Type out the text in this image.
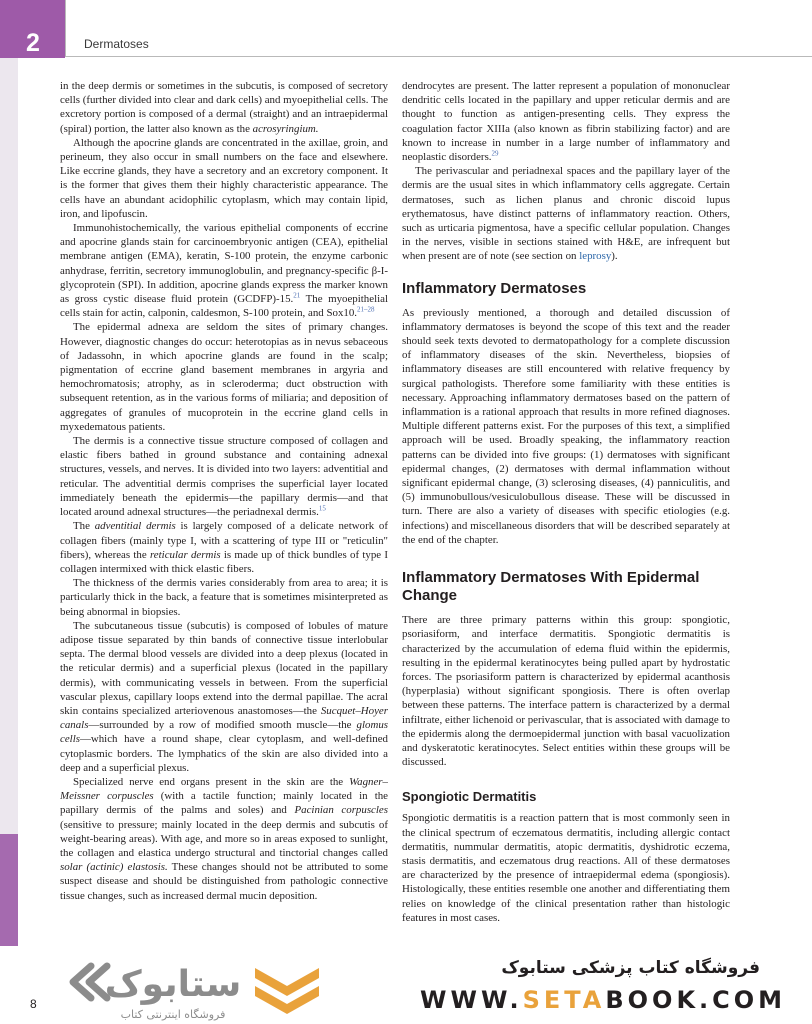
2	Dermatoses

in the deep dermis or sometimes in the subcutis, is composed of secretory cells (further divided into clear and dark cells) and myoepithelial cells. The excretory portion is composed of a dermal (straight) and an intraepidermal (spiral) portion, the latter also known as the acrosyringium.

Although the apocrine glands are concentrated in the axillae, groin, and perineum, they also occur in small numbers on the face and elsewhere. Like eccrine glands, they have a secretory and an excretory component. It is the former that gives them their highly characteristic appearance. The cells have an abundant acidophilic cytoplasm, which may contain lipid, iron, and lipofuscin.

Immunohistochemically, the various epithelial components of eccrine and apocrine glands stain for carcinoembryonic antigen (CEA), epithelial membrane antigen (EMA), keratin, S-100 protein, the enzyme carbonic anhydrase, ferritin, secretory immunoglobulin, and pregnancy-specific β-I-glycoprotein (SPI). In addition, apocrine glands express the marker known as gross cystic disease fluid protein (GCDFP)-15.21 The myoepithelial cells stain for actin, calponin, caldesmon, S-100 protein, and Sox10.$^{21-28}$

The epidermal adnexa are seldom the sites of primary changes. However, diagnostic changes do occur: heterotopias as in nevus sebaceous of Jadassohn, in which apocrine glands are found in the scalp; pigmentation of eccrine gland basement membranes in argyria and hemochromatosis; atrophy, as in scleroderma; duct obstruction with subsequent retention, as in the various forms of miliaria; and deposition of aggregates of granules of mucoprotein in the eccrine gland cells in myxedematous patients.

The dermis is a connective tissue structure composed of collagen and elastic fibers bathed in ground substance and containing adnexal structures, vessels, and nerves. It is divided into two layers: adventitial and reticular. The adventitial dermis comprises the superficial layer located immediately beneath the epidermis—the papillary dermis—and that located around adnexal structures—the periadnexal dermis.$^{15}$

The adventitial dermis is largely composed of a delicate network of collagen fibers (mainly type I, with a scattering of type III or "reticulin" fibers), whereas the reticular dermis is made up of thick bundles of type I collagen intermixed with thick elastic fibers.

The thickness of the dermis varies considerably from area to area; it is particularly thick in the back, a feature that is sometimes misinterpreted as being abnormal in biopsies.

The subcutaneous tissue (subcutis) is composed of lobules of mature adipose tissue separated by thin bands of connective tissue interlobular septa. The dermal blood vessels are divided into a deep plexus (located in the reticular dermis) and a superficial plexus (located in the papillary dermis), with communicating vessels in between. From the superficial vascular plexus, capillary loops extend into the dermal papillae. The acral skin contains specialized arteriovenous anastomoses—the Sucquet–Hoyer canals—surrounded by a row of modified smooth muscle—the glomus cells—which have a round shape, clear cytoplasm, and well-defined cytoplasmic borders. The lymphatics of the skin are also divided into a deep and a superficial plexus.

Specialized nerve end organs present in the skin are the Wagner–Meissner corpuscles (with a tactile function; mainly located in the papillary dermis of the palms and soles) and Pacinian corpuscles (sensitive to pressure; mainly located in the deep dermis and subcutis of weight-bearing areas). With age, and more so in areas exposed to sunlight, the collagen and elastica undergo structural and tinctorial changes called solar (actinic) elastosis. These changes should not be attributed to some suspect disease and should be distinguished from pathologic connective tissue changes, such as increased dermal mucin deposition.

dendrocytes are present. The latter represent a population of mononuclear dendritic cells located in the papillary and upper reticular dermis and are thought to function as antigen-presenting cells. They express the coagulation factor XIIIa (also known as fibrin stabilizing factor) and are known to increase in number in a large number of inflammatory and neoplastic disorders.$^{29}$

The perivascular and periadnexal spaces and the papillary layer of the dermis are the usual sites in which inflammatory cells aggregate. Certain dermatoses, such as lichen planus and chronic discoid lupus erythematosus, have distinct patterns of inflammatory reaction. Others, such as urticaria pigmentosa, have a specific cellular population. Changes in the nerves, visible in sections stained with H&E, are infrequent but when present are of note (see section on leprosy).

Inflammatory Dermatoses

As previously mentioned, a thorough and detailed discussion of inflammatory dermatoses is beyond the scope of this text and the reader should seek texts devoted to dermatopathology for a complete discussion of inflammatory diseases of the skin. Nevertheless, biopsies of inflammatory diseases are still encountered with relative frequency by surgical pathologists. Therefore some familiarity with these entities is necessary. Approaching inflammatory dermatoses based on the pattern of inflammation is a rational approach that results in more refined diagnoses. Multiple different patterns exist. For the purposes of this text, a simplified approach will be used. Broadly speaking, the inflammatory reaction patterns can be divided into five groups: (1) dermatoses with significant epidermal changes, (2) dermatoses with dermal inflammation without significant epidermal change, (3) sclerosing diseases, (4) panniculitis, and (5) immunobullous/vesiculobullous disease. These will be discussed in turn. There are also a variety of diseases with specific etiologies (e.g. infections) and miscellaneous disorders that will be described separately at the end of the chapter.

Inflammatory Dermatoses With Epidermal Change

There are three primary patterns within this group: spongiotic, psoriasiform, and interface dermatitis. Spongiotic dermatitis is characterized by the accumulation of edema fluid within the epidermis, resulting in the epidermal keratinocytes being pulled apart by hydrostatic forces. The psoriasiform pattern is characterized by epidermal acanthosis (hyperplasia) without significant spongiosis. There is often overlap between these patterns. The interface pattern is characterized by a dermal infiltrate, either lichenoid or perivascular, that is associated with damage to the epidermis along the dermoepidermal junction with basal vacuolization and dyskeratotic keratinocytes. Select entities within these groups will be discussed.

Spongiotic Dermatitis

Spongiotic dermatitis is a reaction pattern that is most commonly seen in the clinical spectrum of eczematous dermatitis, including allergic contact dermatitis, nummular dermatitis, atopic dermatitis, dyshidrotic eczema, stasis dermatitis, and eczematous drug reactions. All of these dermatoses are characterized by the presence of intraepidermal edema (spongiosis). Histologically, these entities resemble one another and differentiating them relies on knowledge of the clinical presentation rather than histologic features in most cases.

8 ستابوک
فروشگاه اینترنتی کتاب
فروشگاه کتاب پزشکی ستابوک
WWW.SETABOOK.COM
